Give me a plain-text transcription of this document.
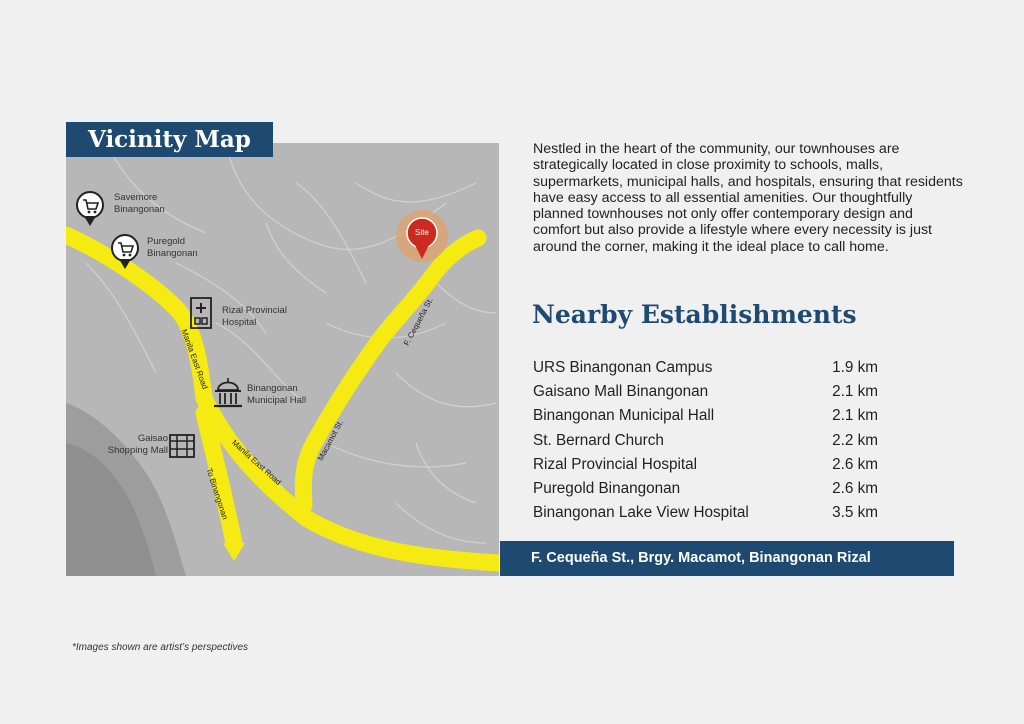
Site
Savemore Binangonan
Puregold Binangonan
Rizal Provincial Hospital
Binangonan Municipal Hall
Gaisao Shopping Mall
Manila East Road
Manila East Road
To Binangonan
Macamot St.
F. Cequeña St.
Vicinity Map	Nestled in the heart of the community, our townhouses are strategically located in close proximity to schools, malls, supermarkets, municipal halls, and hospitals, ensuring that residents have easy access to all essential amenities. Our thoughtfully planned townhouses not only offer contemporary design and comfort but also provide a lifestyle where every necessity is just around the corner, making it the ideal place to call home.
Nearby Establishments
URS Binangonan Campus	1.9 km
Gaisano Mall Binangonan	2.1 km
Binangonan Municipal Hall	2.1 km
St. Bernard Church	2.2 km
Rizal Provincial Hospital	2.6 km
Puregold Binangonan	2.6 km
Binangonan Lake View Hospital	3.5 km
F. Cequeña St., Brgy. Macamot, Binangonan Rizal
*Images shown are artist’s perspectives
